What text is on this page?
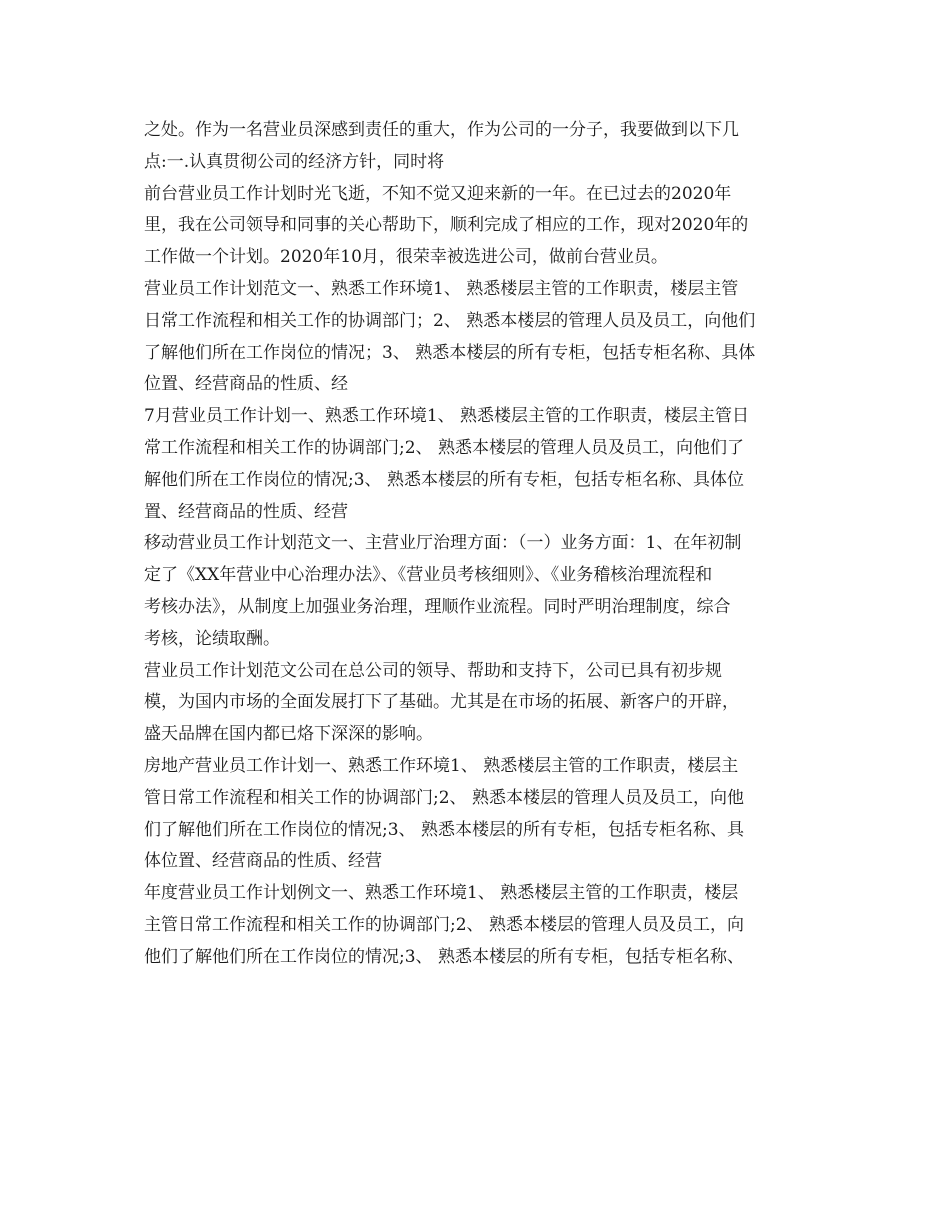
之处。作为一名营业员深感到责任的重大，作为公司的一分子，我要做到以下几
点:一.认真贯彻公司的经济方针，同时将
前台营业员工作计划时光飞逝，不知不觉又迎来新的一年。在已过去的2020年
里，我在公司领导和同事的关心帮助下，顺利完成了相应的工作，现对2020年的
工作做一个计划。2020年10月，很荣幸被选进公司，做前台营业员。
营业员工作计划范文一、熟悉工作环境1、 熟悉楼层主管的工作职责，楼层主管
日常工作流程和相关工作的协调部门；2、 熟悉本楼层的管理人员及员工，向他们
了解他们所在工作岗位的情况；3、 熟悉本楼层的所有专柜，包括专柜名称、具体
位置、经营商品的性质、经
7月营业员工作计划一、熟悉工作环境1、 熟悉楼层主管的工作职责，楼层主管日
常工作流程和相关工作的协调部门;2、 熟悉本楼层的管理人员及员工，向他们了
解他们所在工作岗位的情况;3、 熟悉本楼层的所有专柜，包括专柜名称、具体位
置、经营商品的性质、经营
移动营业员工作计划范文一、主营业厅治理方面：（一）业务方面：1、在年初制
定了《XX年营业中心治理办法》、《营业员考核细则》、《业务稽核治理流程和
考核办法》，从制度上加强业务治理，理顺作业流程。同时严明治理制度，综合
考核，论绩取酬。
营业员工作计划范文公司在总公司的领导、帮助和支持下，公司已具有初步规
模，为国内市场的全面发展打下了基础。尤其是在市场的拓展、新客户的开辟，
盛天品牌在国内都已烙下深深的影响。
房地产营业员工作计划一、熟悉工作环境1、 熟悉楼层主管的工作职责，楼层主
管日常工作流程和相关工作的协调部门;2、 熟悉本楼层的管理人员及员工，向他
们了解他们所在工作岗位的情况;3、 熟悉本楼层的所有专柜，包括专柜名称、具
体位置、经营商品的性质、经营
年度营业员工作计划例文一、熟悉工作环境1、 熟悉楼层主管的工作职责，楼层
主管日常工作流程和相关工作的协调部门;2、 熟悉本楼层的管理人员及员工，向
他们了解他们所在工作岗位的情况;3、 熟悉本楼层的所有专柜，包括专柜名称、
